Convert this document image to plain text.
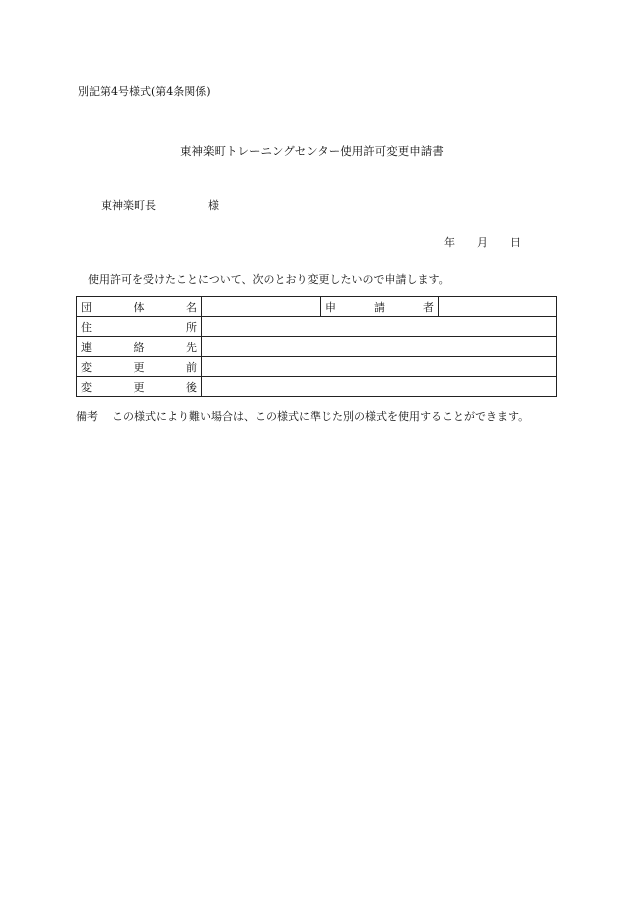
別記第4号様式(第4条関係)
東神楽町トレーニングセンター使用許可変更申請書
東神楽町長	様
年 月 日
使用許可を受けたことについて、次のとおり変更したいので申請します。
団体名		申請者	

住所			

連絡先			

変更前			

変更後			

備考 この様式により難い場合は、この様式に準じた別の様式を使用することができます。
